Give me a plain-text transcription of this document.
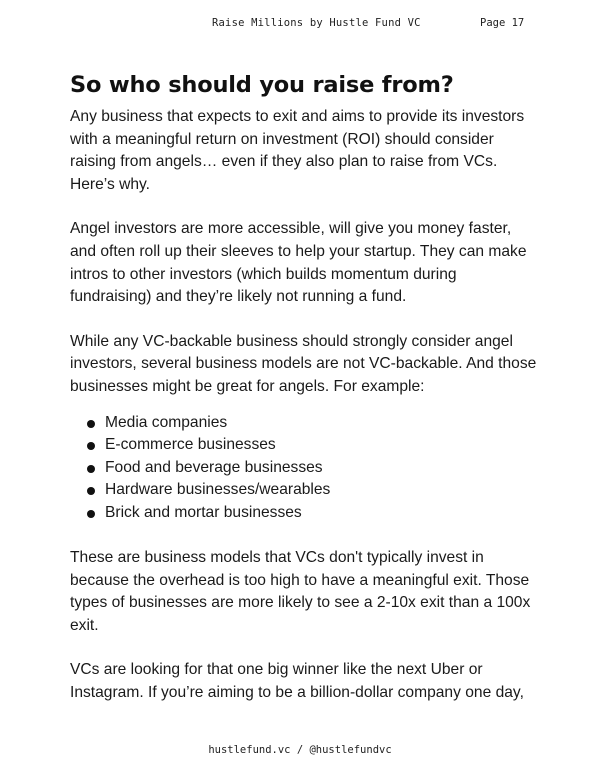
Raise Millions by Hustle Fund VC	Page 17
So who should you raise from?

Any business that expects to exit and aims to provide its investors with a meaningful return on investment (ROI) should consider raising from angels… even if they also plan to raise from VCs. Here’s why.

Angel investors are more accessible, will give you money faster, and often roll up their sleeves to help your startup. They can make intros to other investors (which builds momentum during fundraising) and they’re likely not running a fund.

While any VC-backable business should strongly consider angel investors, several business models are not VC-backable. And those businesses might be great for angels. For example:

Media companies
E-commerce businesses
Food and beverage businesses
Hardware businesses/wearables
Brick and mortar businesses

These are business models that VCs don't typically invest in because the overhead is too high to have a meaningful exit. Those types of businesses are more likely to see a 2-10x exit than a 100x exit.

VCs are looking for that one big winner like the next Uber or Instagram. If you’re aiming to be a billion-dollar company one day,

hustlefund.vc / @hustlefundvc
